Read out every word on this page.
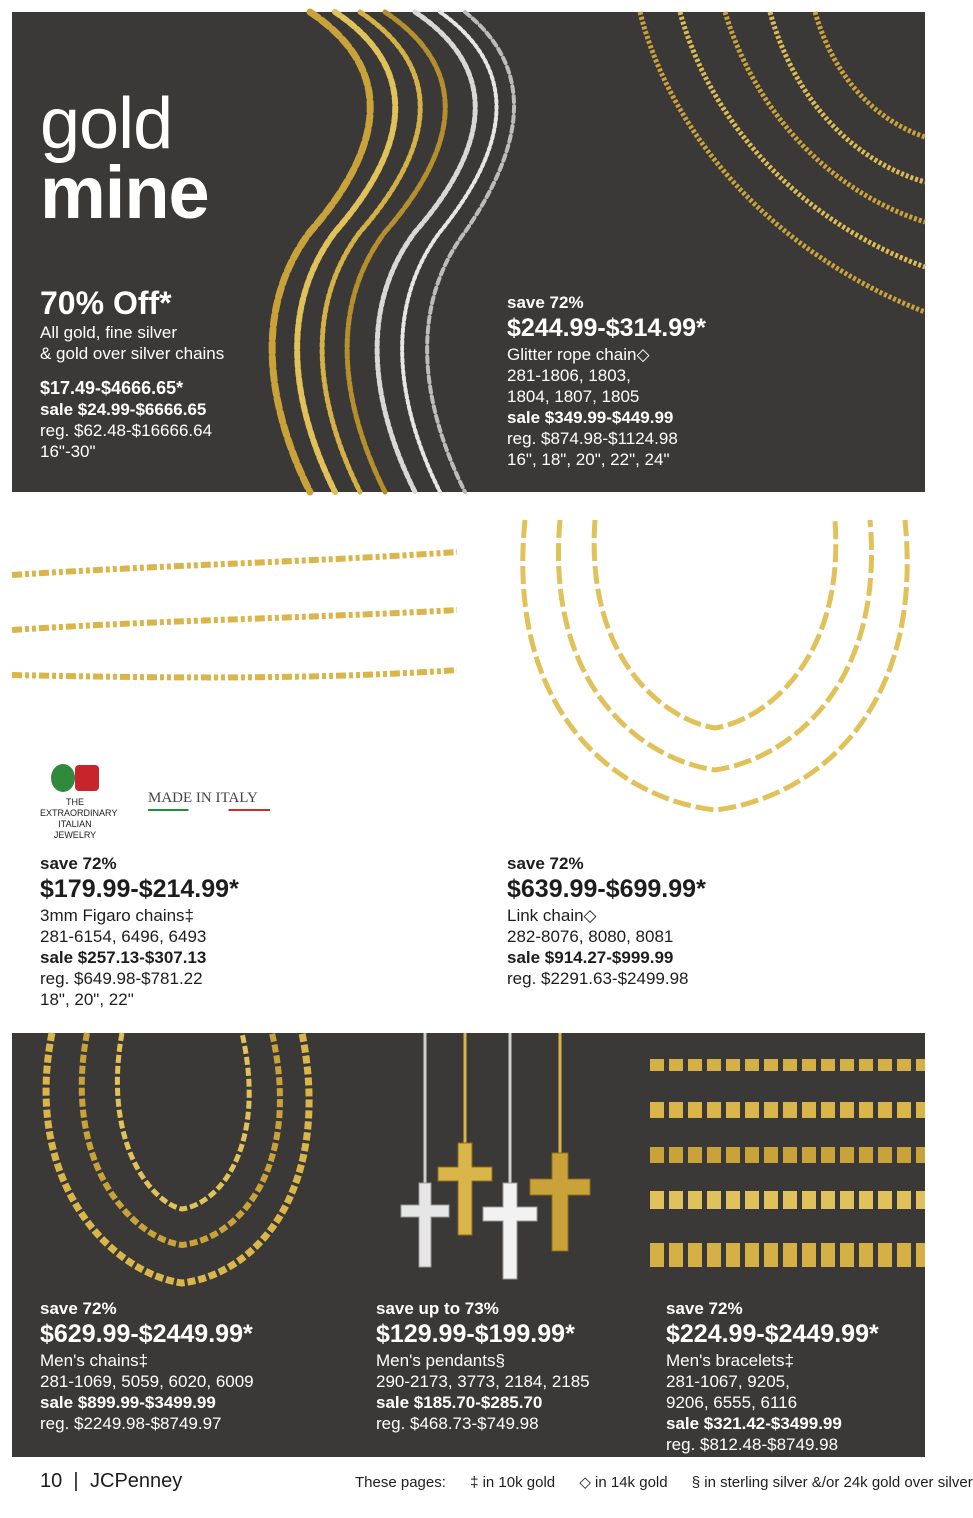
gold
mine
70% Off*
All gold, fine silver
& gold over silver chains
$17.49-$4666.65*
sale $24.99-$6666.65
reg. $62.48-$16666.64
16"-30"
save 72%
$244.99-$314.99*
Glitter rope chain◇
281-1806, 1803,
1804, 1807, 1805
sale $349.99-$449.99
reg. $874.98-$1124.98
16", 18", 20", 22", 24"
THE EXTRAORDINARY
ITALIAN JEWELRY
MADE IN ITALY
save 72%
$179.99-$214.99*
3mm Figaro chains‡
281-6154, 6496, 6493
sale $257.13-$307.13
reg. $649.98-$781.22
18", 20", 22"
save 72%
$639.99-$699.99*
Link chain◇
282-8076, 8080, 8081
sale $914.27-$999.99
reg. $2291.63-$2499.98
save 72%
$629.99-$2449.99*
Men's chains‡
281-1069, 5059, 6020, 6009
sale $899.99-$3499.99
reg. $2249.98-$8749.97
save up to 73%
$129.99-$199.99*
Men's pendants§
290-2173, 3773, 2184, 2185
sale $185.70-$285.70
reg. $468.73-$749.98
save 72%
$224.99-$2449.99*
Men's bracelets‡
281-1067, 9205,
9206, 6555, 6116
sale $321.42-$3499.99
reg. $812.48-$8749.98
10 | JCPenney	These pages: ‡ in 10k gold ◇ in 14k gold § in sterling silver &/or 24k gold over silver
